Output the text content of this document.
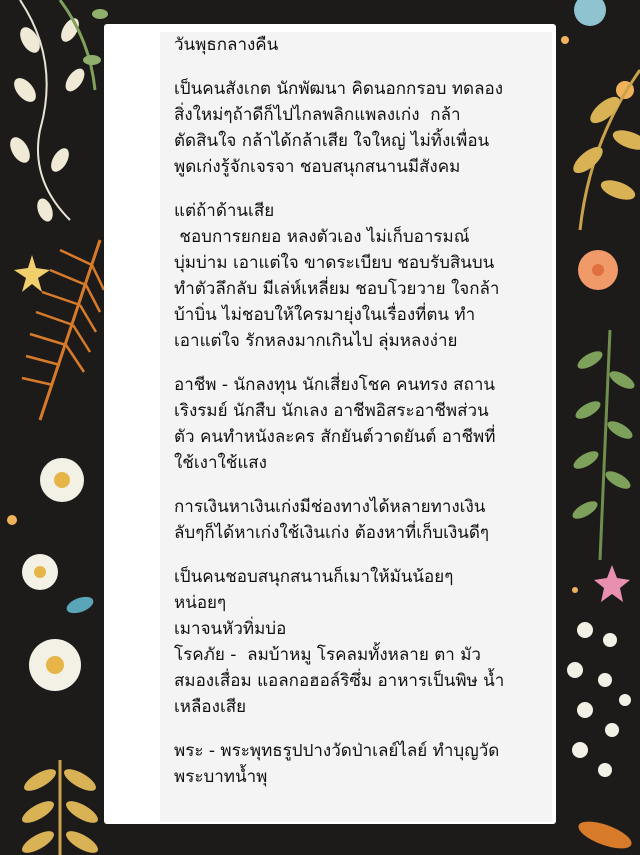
วันพุธกลางคืน
เป็นคนสังเกต นักพัฒนา คิดนอกกรอบ ทดลอง
สิ่งใหม่ๆถ้าดีก็ไปไกลพลิกแพลงเก่ง  กล้า
ตัดสินใจ กล้าได้กล้าเสีย ใจใหญ่ ไม่ทิ้งเพื่อน
พูดเก่งรู้จักเจรจา ชอบสนุกสนานมีสังคม
แต่ถ้าด้านเสีย
ชอบการยกยอ หลงตัวเอง ไม่เก็บอารมณ์
บุ่มบ่าม เอาแต่ใจ ขาดระเบียบ ชอบรับสินบน
ทำตัวลึกลับ มีเล่ห์เหลี่ยม ชอบโวยวาย ใจกล้า
บ้าบิ่น ไม่ชอบให้ใครมายุ่งในเรื่องที่ตน ทำ
เอาแต่ใจ รักหลงมากเกินไป ลุ่มหลงง่าย
อาชีพ - นักลงทุน นักเสี่ยงโชค คนทรง สถาน
เริงรมย์ นักสืบ นักเลง อาชีพอิสระอาชีพส่วน
ตัว คนทำหนังละคร สักยันต์วาดยันต์ อาชีพที่
ใช้เงาใช้แสง
การเงินหาเงินเก่งมีช่องทางได้หลายทางเงิน
ลับๆก็ได้หาเก่งใช้เงินเก่ง ต้องหาที่เก็บเงินดีๆ
เป็นคนชอบสนุกสนานก็เมาให้มันน้อยๆ
หน่อยๆ
เมาจนหัวทิ่มบ่อ
โรคภัย -  ลมบ้าหมู โรคลมทั้งหลาย ตา มัว
สมองเสื่อม แอลกอฮอล์ริซึ่ม อาหารเป็นพิษ น้ำ
เหลืองเสีย
พระ - พระพุทธรูปปางวัดป่าเลย์ไลย์ ทำบุญวัด
พระบาทน้ำพุ
